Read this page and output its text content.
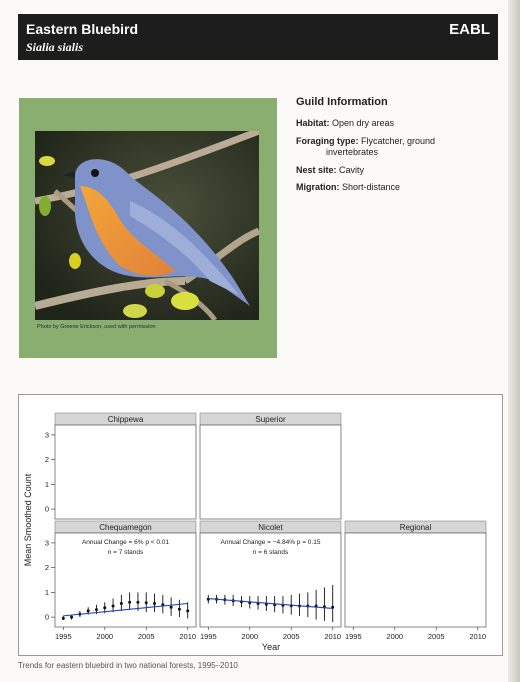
Eastern Bluebird
Sialia sialis
EABL
Photo by Greene Erickson, used with permission
Guild Information
Habitat: Open dry areas
Foraging type: Flycatcher, ground
invertebrates
Nest site: Cavity
Migration: Short-distance
Chippewa
0
1
2
3
Superior
Chequamegon
Annual Change = 6% p < 0.01
n = 7 stands
0
1
2
3
1995	2000	2005	2010
Nicolet
Annual Change = −4.84% p = 0.15
n = 6 stands
1995	2000	2005	2010
Regional
1995	2000	2005	2010
Mean Smoothed Count
Year
Trends for eastern bluebird in two national forests, 1995–2010
